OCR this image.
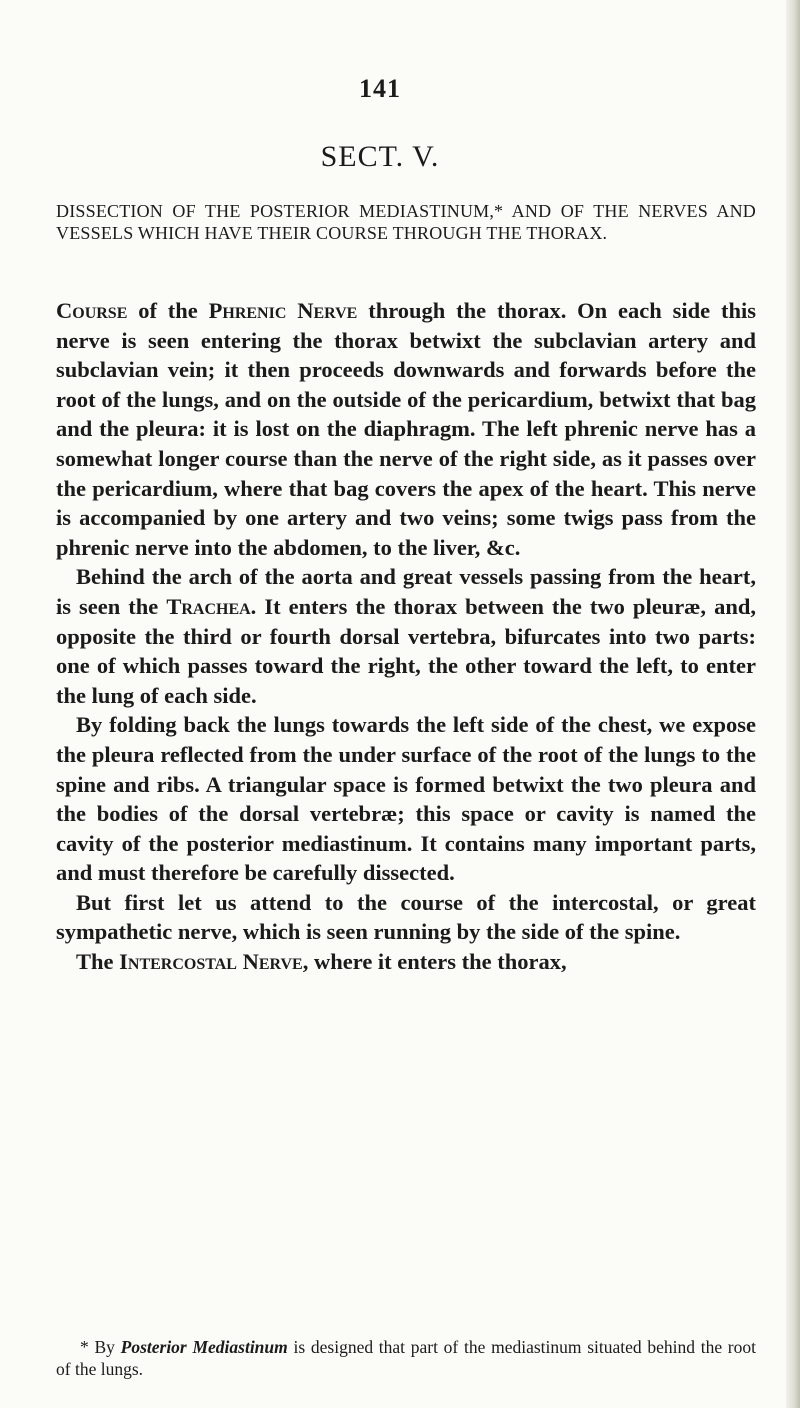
141
SECT. V.
DISSECTION OF THE POSTERIOR MEDIASTINUM,* AND OF THE NERVES AND VESSELS WHICH HAVE THEIR COURSE THROUGH THE THORAX.

Course of the Phrenic Nerve through the thorax. On each side this nerve is seen entering the thorax betwixt the subclavian artery and subclavian vein; it then proceeds downwards and forwards before the root of the lungs, and on the outside of the pericardium, betwixt that bag and the pleura: it is lost on the diaphragm. The left phrenic nerve has a somewhat longer course than the nerve of the right side, as it passes over the pericardium, where that bag covers the apex of the heart. This nerve is accompanied by one artery and two veins; some twigs pass from the phrenic nerve into the abdomen, to the liver, &c.

Behind the arch of the aorta and great vessels passing from the heart, is seen the Trachea. It enters the thorax between the two pleuræ, and, opposite the third or fourth dorsal vertebra, bifurcates into two parts: one of which passes toward the right, the other toward the left, to enter the lung of each side.

By folding back the lungs towards the left side of the chest, we expose the pleura reflected from the under surface of the root of the lungs to the spine and ribs. A triangular space is formed betwixt the two pleura and the bodies of the dorsal vertebræ; this space or cavity is named the cavity of the posterior mediastinum. It contains many important parts, and must therefore be carefully dissected.

But first let us attend to the course of the intercostal, or great sympathetic nerve, which is seen running by the side of the spine.

The Intercostal Nerve, where it enters the thorax,

* By Posterior Mediastinum is designed that part of the mediastinum situated behind the root of the lungs.
